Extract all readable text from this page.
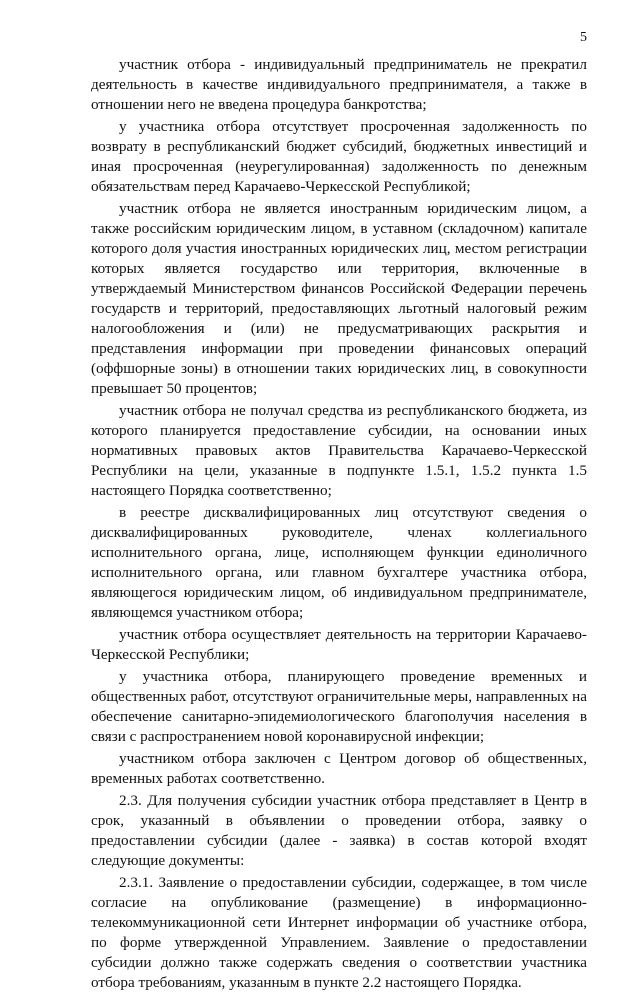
5

участник отбора - индивидуальный предприниматель не прекратил деятельность в качестве индивидуального предпринимателя, а также в отношении него не введена процедура банкротства;

у участника отбора отсутствует просроченная задолженность по возврату в республиканский бюджет субсидий, бюджетных инвестиций и иная просроченная (неурегулированная) задолженность по денежным обязательствам перед Карачаево-Черкесской Республикой;

участник отбора не является иностранным юридическим лицом, а также российским юридическим лицом, в уставном (складочном) капитале которого доля участия иностранных юридических лиц, местом регистрации которых является государство или территория, включенные в утверждаемый Министерством финансов Российской Федерации перечень государств и территорий, предоставляющих льготный налоговый режим налогообложения и (или) не предусматривающих раскрытия и представления информации при проведении финансовых операций (оффшорные зоны) в отношении таких юридических лиц, в совокупности превышает 50 процентов;

участник отбора не получал средства из республиканского бюджета, из которого планируется предоставление субсидии, на основании иных нормативных правовых актов Правительства Карачаево-Черкесской Республики на цели, указанные в подпункте 1.5.1, 1.5.2 пункта 1.5 настоящего Порядка соответственно;

в реестре дисквалифицированных лиц отсутствуют сведения о дисквалифицированных руководителе, членах коллегиального исполнительного органа, лице, исполняющем функции единоличного исполнительного органа, или главном бухгалтере участника отбора, являющегося юридическим лицом, об индивидуальном предпринимателе, являющемся участником отбора;

участник отбора осуществляет деятельность на территории Карачаево-Черкесской Республики;

у участника отбора, планирующего проведение временных и общественных работ, отсутствуют ограничительные меры, направленных на обеспечение санитарно-эпидемиологического благополучия населения в связи с распространением новой коронавирусной инфекции;

участником отбора заключен с Центром договор об общественных, временных работах соответственно.

2.3. Для получения субсидии участник отбора представляет в Центр в срок, указанный в объявлении о проведении отбора, заявку о предоставлении субсидии (далее - заявка) в состав которой входят следующие документы:

2.3.1. Заявление о предоставлении субсидии, содержащее, в том числе согласие на опубликование (размещение) в информационно-телекоммуникационной сети Интернет информации об участнике отбора, по форме утвержденной Управлением. Заявление о предоставлении субсидии должно также содержать сведения о соответствии участника отбора требованиям, указанным в пункте 2.2 настоящего Порядка.
